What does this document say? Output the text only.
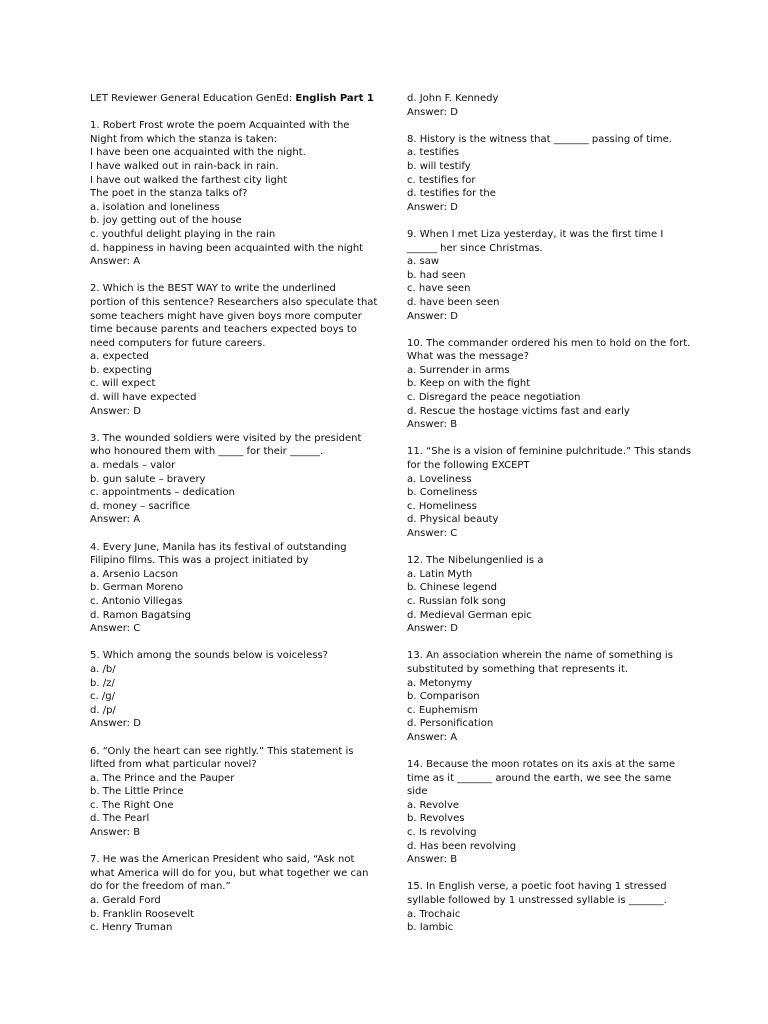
LET Reviewer General Education GenEd: English Part 1

1. Robert Frost wrote the poem Acquainted with the

Night from which the stanza is taken:

I have been one acquainted with the night.

I have walked out in rain-back in rain.

I have out walked the farthest city light

The poet in the stanza talks of?

a. isolation and loneliness

b. joy getting out of the house

c. youthful delight playing in the rain

d. happiness in having been acquainted with the night

Answer: A

2. Which is the BEST WAY to write the underlined

portion of this sentence? Researchers also speculate that

some teachers might have given boys more computer

time because parents and teachers expected boys to

need computers for future careers.

a. expected

b. expecting

c. will expect

d. will have expected

Answer: D

3. The wounded soldiers were visited by the president

who honoured them with _____ for their ______.

a. medals – valor

b. gun salute – bravery

c. appointments – dedication

d. money – sacrifice

Answer: A

4. Every June, Manila has its festival of outstanding

Filipino films. This was a project initiated by

a. Arsenio Lacson

b. German Moreno

c. Antonio Villegas

d. Ramon Bagatsing

Answer: C

5. Which among the sounds below is voiceless?

a. /b/

b. /z/

c. /g/

d. /p/

Answer: D

6. “Only the heart can see rightly.” This statement is

lifted from what particular novel?

a. The Prince and the Pauper

b. The Little Prince

c. The Right One

d. The Pearl

Answer: B

7. He was the American President who said, “Ask not

what America will do for you, but what together we can

do for the freedom of man.”

a. Gerald Ford

b. Franklin Roosevelt

c. Henry Truman

d. John F. Kennedy

Answer: D

8. History is the witness that _______ passing of time.

a. testifies

b. will testify

c. testifies for

d. testifies for the

Answer: D

9. When I met Liza yesterday, it was the first time I

______ her since Christmas.

a. saw

b. had seen

c. have seen

d. have been seen

Answer: D

10. The commander ordered his men to hold on the fort.

What was the message?

a. Surrender in arms

b. Keep on with the fight

c. Disregard the peace negotiation

d. Rescue the hostage victims fast and early

Answer: B

11. “She is a vision of feminine pulchritude.” This stands

for the following EXCEPT

a. Loveliness

b. Comeliness

c. Homeliness

d. Physical beauty

Answer: C

12. The Nibelungenlied is a

a. Latin Myth

b. Chinese legend

c. Russian folk song

d. Medieval German epic

Answer: D

13. An association wherein the name of something is

substituted by something that represents it.

a. Metonymy

b. Comparison

c. Euphemism

d. Personification

Answer: A

14. Because the moon rotates on its axis at the same

time as it _______ around the earth, we see the same

side

a. Revolve

b. Revolves

c. Is revolving

d. Has been revolving

Answer: B

15. In English verse, a poetic foot having 1 stressed

syllable followed by 1 unstressed syllable is _______.

a. Trochaic

b. Iambic
